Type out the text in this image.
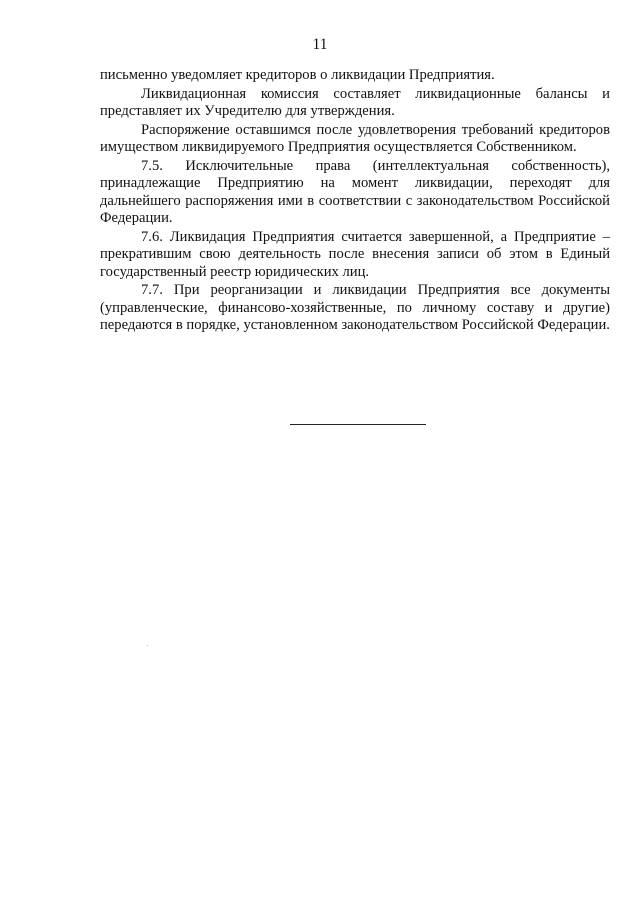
11

письменно уведомляет кредиторов о ликвидации Предприятия.

Ликвидационная комиссия составляет ликвидационные балансы и представляет их Учредителю для утверждения.

Распоряжение оставшимся после удовлетворения требований кредиторов имуществом ликвидируемого Предприятия осуществляется Собственником.

7.5. Исключительные права (интеллектуальная собственность), принадлежащие Предприятию на момент ликвидации, переходят для дальнейшего распоряжения ими в соответствии с законодательством Российской Федерации.

7.6. Ликвидация Предприятия считается завершенной, а Предприятие – прекратившим свою деятельность после внесения записи об этом в Единый государственный реестр юридических лиц.

7.7. При реорганизации и ликвидации Предприятия все документы (управленческие, финансово-хозяйственные, по личному составу и другие) передаются в порядке, установленном законодательством Российской Федерации.
